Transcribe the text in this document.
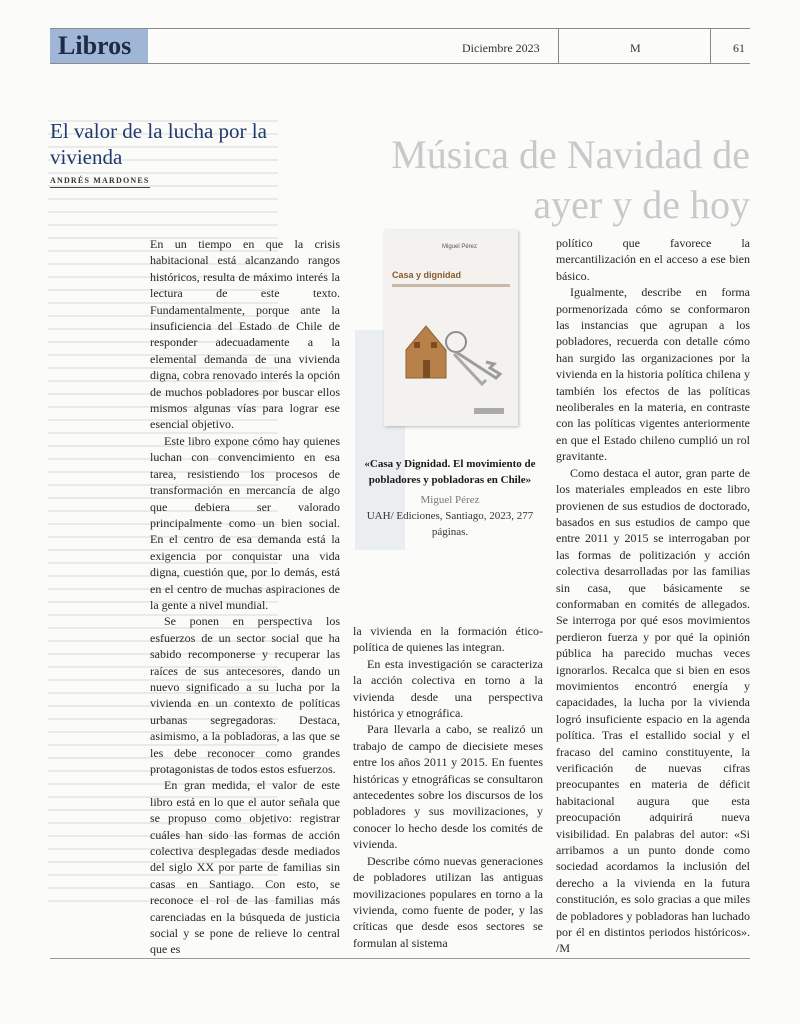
Música de Navidad de ayer y de hoy
Libros	Diciembre 2023	M	61
El valor de la lucha por la vivienda
ANDRÉS MARDONES

En un tiempo en que la crisis habitacional está alcanzando rangos históricos, resulta de máximo interés la lectura de este texto. Fundamentalmente, porque ante la insuficiencia del Estado de Chile de responder adecuadamente a la elemental demanda de una vivienda digna, cobra renovado interés la opción de muchos pobladores por buscar ellos mismos algunas vías para lograr ese esencial objetivo.

Este libro expone cómo hay quienes luchan con convencimiento en esa tarea, resistiendo los procesos de transformación en mercancía de algo que debiera ser valorado principalmente como un bien social. En el centro de esa demanda está la exigencia por conquistar una vida digna, cuestión que, por lo demás, está en el centro de muchas aspiraciones de la gente a nivel mundial.

Se ponen en perspectiva los esfuerzos de un sector social que ha sabido recomponerse y recuperar las raíces de sus antecesores, dando un nuevo significado a su lucha por la vivienda en un contexto de políticas urbanas segregadoras. Destaca, asimismo, a la pobladoras, a las que se les debe reconocer como grandes protagonistas de todos estos esfuerzos.

En gran medida, el valor de este libro está en lo que el autor señala que se propuso como objetivo: registrar cuáles han sido las formas de acción colectiva desplegadas desde mediados del siglo XX por parte de familias sin casas en Santiago. Con esto, se reconoce el rol de las familias más carenciadas en la búsqueda de justicia social y se pone de relieve lo central que es

Miguel Pérez
Casa y dignidad
«Casa y Dignidad. El movimiento de pobladores y pobladoras en Chile»
Miguel Pérez
UAH/ Ediciones, Santiago, 2023, 277 páginas.

la vivienda en la formación ético-política de quienes las integran.

En esta investigación se caracteriza la acción colectiva en torno a la vivienda desde una perspectiva histórica y etnográfica.

Para llevarla a cabo, se realizó un trabajo de campo de diecisiete meses entre los años 2011 y 2015. En fuentes históricas y etnográficas se consultaron antecedentes sobre los discursos de los pobladores y sus movilizaciones, y conocer lo hecho desde los comités de vivienda.

Describe cómo nuevas generaciones de pobladores utilizan las antiguas movilizaciones populares en torno a la vivienda, como fuente de poder, y las críticas que desde esos sectores se formulan al sistema

político que favorece la mercantilización en el acceso a ese bien básico.

Igualmente, describe en forma pormenorizada cómo se conformaron las instancias que agrupan a los pobladores, recuerda con detalle cómo han surgido las organizaciones por la vivienda en la historia política chilena y también los efectos de las políticas neoliberales en la materia, en contraste con las políticas vigentes anteriormente en que el Estado chileno cumplió un rol gravitante.

Como destaca el autor, gran parte de los materiales empleados en este libro provienen de sus estudios de doctorado, basados en sus estudios de campo que entre 2011 y 2015 se interrogaban por las formas de politización y acción colectiva desarrolladas por las familias sin casa, que básicamente se conformaban en comités de allegados. Se interroga por qué esos movimientos perdieron fuerza y por qué la opinión pública ha parecido muchas veces ignorarlos. Recalca que si bien en esos movimientos encontró energía y capacidades, la lucha por la vivienda logró insuficiente espacio en la agenda política. Tras el estallido social y el fracaso del camino constituyente, la verificación de nuevas cifras preocupantes en materia de déficit habitacional augura que esta preocupación adquirirá nueva visibilidad. En palabras del autor: «Si arribamos a un punto donde como sociedad acordamos la inclusión del derecho a la vivienda en la futura constitución, es solo gracias a que miles de pobladores y pobladoras han luchado por él en distintos periodos históricos». /M
